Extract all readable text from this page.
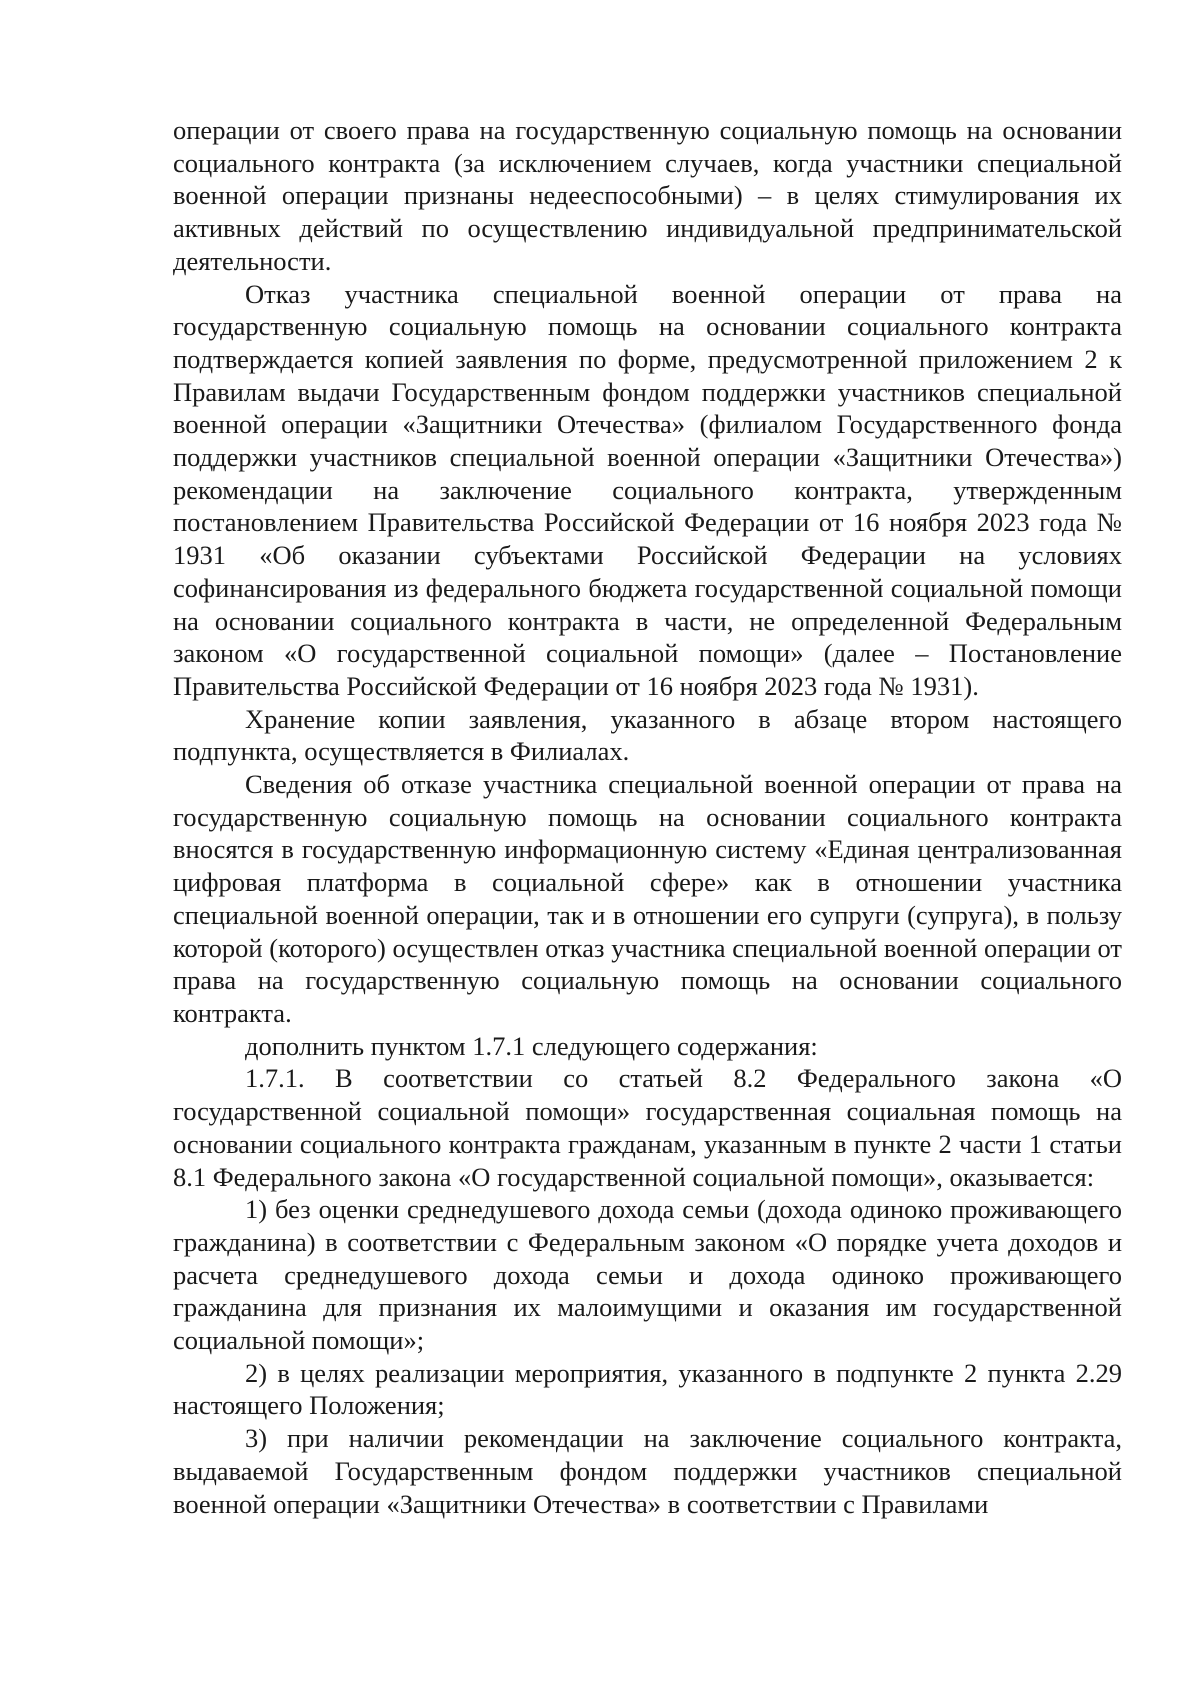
операции от своего права на государственную социальную помощь на основании социального контракта (за исключением случаев, когда участники специальной военной операции признаны недееспособными) – в целях стимулирования их активных действий по осуществлению индивидуальной предпринимательской деятельности.

Отказ участника специальной военной операции от права на государственную социальную помощь на основании социального контракта подтверждается копией заявления по форме, предусмотренной приложением 2 к Правилам выдачи Государственным фондом поддержки участников специальной военной операции «Защитники Отечества» (филиалом Государственного фонда поддержки участников специальной военной операции «Защитники Отечества») рекомендации на заключение социального контракта, утвержденным постановлением Правительства Российской Федерации от 16 ноября 2023 года № 1931 «Об оказании субъектами Российской Федерации на условиях софинансирования из федерального бюджета государственной социальной помощи на основании социального контракта в части, не определенной Федеральным законом «О государственной социальной помощи» (далее – Постановление Правительства Российской Федерации от 16 ноября 2023 года № 1931).

Хранение копии заявления, указанного в абзаце втором настоящего подпункта, осуществляется в Филиалах.

Сведения об отказе участника специальной военной операции от права на государственную социальную помощь на основании социального контракта вносятся в государственную информационную систему «Единая централизованная цифровая платформа в социальной сфере» как в отношении участника специальной военной операции, так и в отношении его супруги (супруга), в пользу которой (которого) осуществлен отказ участника специальной военной операции от права на государственную социальную помощь на основании социального контракта.

дополнить пунктом 1.7.1 следующего содержания:

1.7.1. В соответствии со статьей 8.2 Федерального закона «О государственной социальной помощи» государственная социальная помощь на основании социального контракта гражданам, указанным в пункте 2 части 1 статьи 8.1 Федерального закона «О государственной социальной помощи», оказывается:

1) без оценки среднедушевого дохода семьи (дохода одиноко проживающего гражданина) в соответствии с Федеральным законом «О порядке учета доходов и расчета среднедушевого дохода семьи и дохода одиноко проживающего гражданина для признания их малоимущими и оказания им государственной социальной помощи»;

2) в целях реализации мероприятия, указанного в подпункте 2 пункта 2.29 настоящего Положения;

3) при наличии рекомендации на заключение социального контракта, выдаваемой Государственным фондом поддержки участников специальной военной операции «Защитники Отечества» в соответствии с Правилами
